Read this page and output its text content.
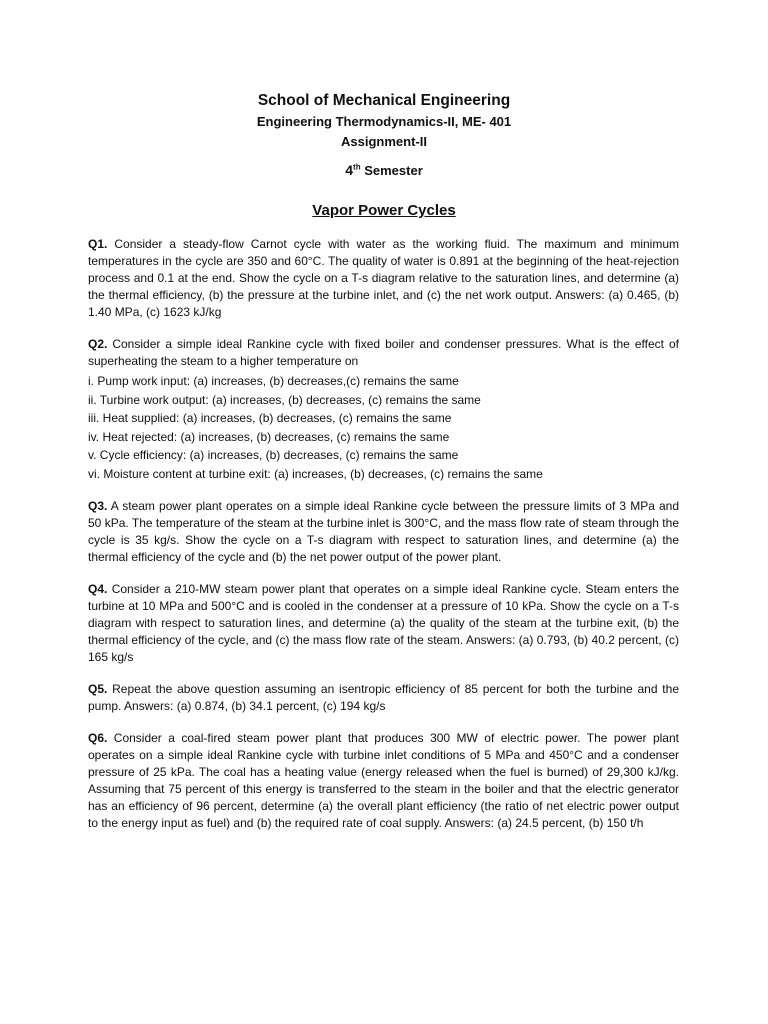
School of Mechanical Engineering
Engineering Thermodynamics-II, ME- 401
Assignment-II
4th Semester
Vapor Power Cycles

Q1. Consider a steady-flow Carnot cycle with water as the working fluid. The maximum and minimum temperatures in the cycle are 350 and 60°C. The quality of water is 0.891 at the beginning of the heat-rejection process and 0.1 at the end. Show the cycle on a T-s diagram relative to the saturation lines, and determine (a) the thermal efficiency, (b) the pressure at the turbine inlet, and (c) the net work output. Answers: (a) 0.465, (b) 1.40 MPa, (c) 1623 kJ/kg

Q2. Consider a simple ideal Rankine cycle with fixed boiler and condenser pressures. What is the effect of superheating the steam to a higher temperature on

i. Pump work input: (a) increases, (b) decreases,(c) remains the same
ii. Turbine work output: (a) increases, (b) decreases, (c) remains the same
iii. Heat supplied: (a) increases, (b) decreases, (c) remains the same
iv. Heat rejected: (a) increases, (b) decreases, (c) remains the same
v. Cycle efficiency: (a) increases, (b) decreases, (c) remains the same
vi. Moisture content at turbine exit: (a) increases, (b) decreases, (c) remains the same

Q3. A steam power plant operates on a simple ideal Rankine cycle between the pressure limits of 3 MPa and 50 kPa. The temperature of the steam at the turbine inlet is 300°C, and the mass flow rate of steam through the cycle is 35 kg/s. Show the cycle on a T-s diagram with respect to saturation lines, and determine (a) the thermal efficiency of the cycle and (b) the net power output of the power plant.

Q4. Consider a 210-MW steam power plant that operates on a simple ideal Rankine cycle. Steam enters the turbine at 10 MPa and 500°C and is cooled in the condenser at a pressure of 10 kPa. Show the cycle on a T-s diagram with respect to saturation lines, and determine (a) the quality of the steam at the turbine exit, (b) the thermal efficiency of the cycle, and (c) the mass flow rate of the steam. Answers: (a) 0.793, (b) 40.2 percent, (c) 165 kg/s

Q5. Repeat the above question assuming an isentropic efficiency of 85 percent for both the turbine and the pump. Answers: (a) 0.874, (b) 34.1 percent, (c) 194 kg/s

Q6. Consider a coal-fired steam power plant that produces 300 MW of electric power. The power plant operates on a simple ideal Rankine cycle with turbine inlet conditions of 5 MPa and 450°C and a condenser pressure of 25 kPa. The coal has a heating value (energy released when the fuel is burned) of 29,300 kJ/kg. Assuming that 75 percent of this energy is transferred to the steam in the boiler and that the electric generator has an efficiency of 96 percent, determine (a) the overall plant efficiency (the ratio of net electric power output to the energy input as fuel) and (b) the required rate of coal supply. Answers: (a) 24.5 percent, (b) 150 t/h
